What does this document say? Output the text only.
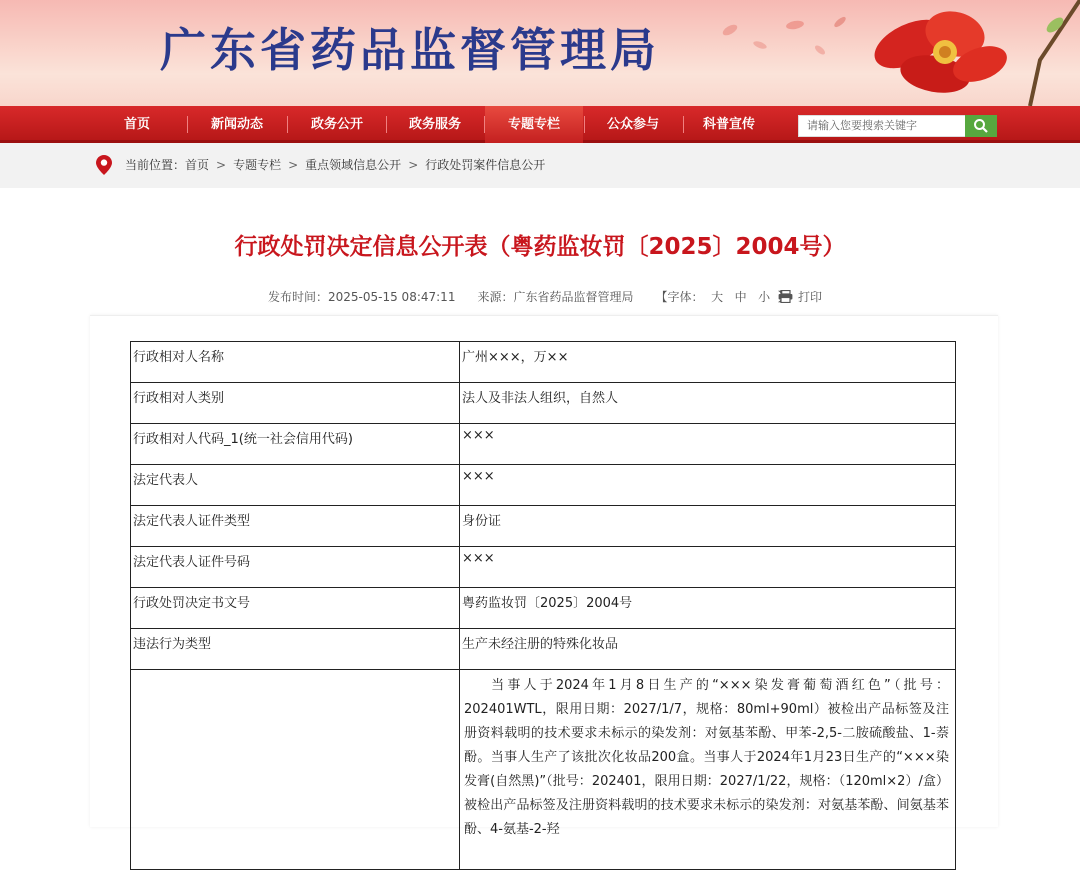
广东省药品监督管理局
首页	新闻动态	政务公开	政务服务	专题专栏	公众参与	科普宣传	请输入您要搜索关键字
当前位置：首页 > 专题专栏 > 重点领域信息公开 > 行政处罚案件信息公开
行政处罚决定信息公开表（粤药监妆罚〔2025〕2004号）
发布时间：2025-05-15 08:47:11 来源：广东省药品监督管理局 【字体： 大 中 小	打印
行政相对人名称	广州×××，万××
行政相对人类别	法人及非法人组织，自然人
行政相对人代码_1(统一社会信用代码)	×××
法定代表人	×××
法定代表人证件类型	身份证
法定代表人证件号码	×××
行政处罚决定书文号	粤药监妆罚〔2025〕2004号
违法行为类型	生产未经注册的特殊化妆品
	当事人于2024年1月8日生产的“×××染发膏葡萄酒红色”（批号：202401WTL，限用日期：2027/1/7，规格：80ml+90ml）被检出产品标签及注册资料载明的技术要求未标示的染发剂：对氨基苯酚、甲苯-2,5-二胺硫酸盐、1-萘酚。当事人生产了该批次化妆品200盒。当事人于2024年1月23日生产的“×××染发膏(自然黑)”（批号：202401，限用日期：2027/1/22，规格：（120ml×2）/盒）被检出产品标签及注册资料载明的技术要求未标示的染发剂：对氨基苯酚、间氨基苯酚、4-氨基-2-羟
